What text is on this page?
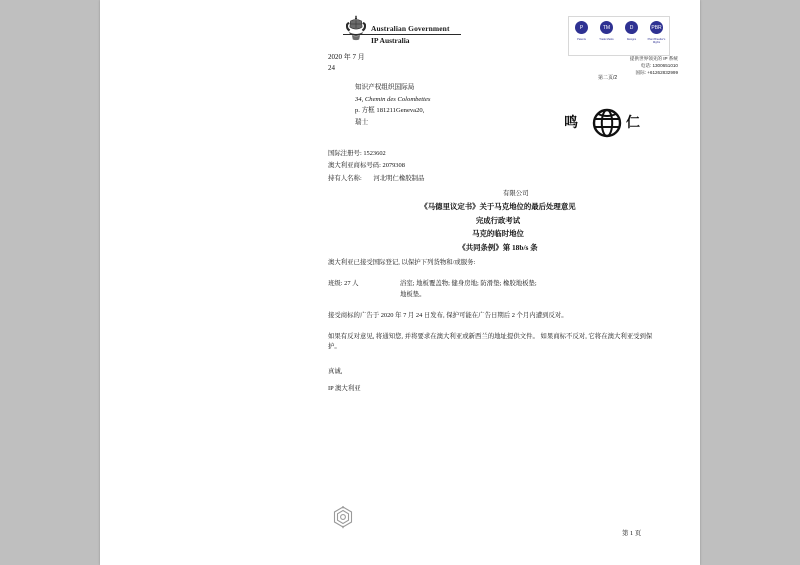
Australian Government
IP Australia
P	TM	D	PBR
Patents	Trade Marks	Designs	Plant Breeder's Rights
提供世界领先的 IP 系统
电话: 1300651010
国际: +61262832999
第二页/2
2020 年 7 月
24
知识产权组织国际局
34, Chemin des Colombettes
p. 方框 181211Geneva20,
瑞士	鸣	仁
国际注册号: 1523602
澳大利亚商标号码: 2079308
持有人名称: 河北明仁橡胶制品
有限公司
《马德里议定书》关于马克地位的最后处理意见
完成行政考试
马克的临时地位
《共同条例》第 18b/s 条
澳大利亚已接受国际登记, 以保护下列货物和/或服务:
班级: 27 人	浴室; 地板覆盖物; 健身房地; 防滑垫; 橡胶地板垫;
地板垫。
接受商标的广告于 2020 年 7 月 24 日发布, 保护可能在广告日期后 2 个月内遭到反对。
如果有反对意见, 将通知您, 并将要求在澳大利亚或新西兰的地址提供文件。 如果商标不反对, 它将在澳大利亚受到保护。
真诚,
IP 澳大利亚
第 1 页
